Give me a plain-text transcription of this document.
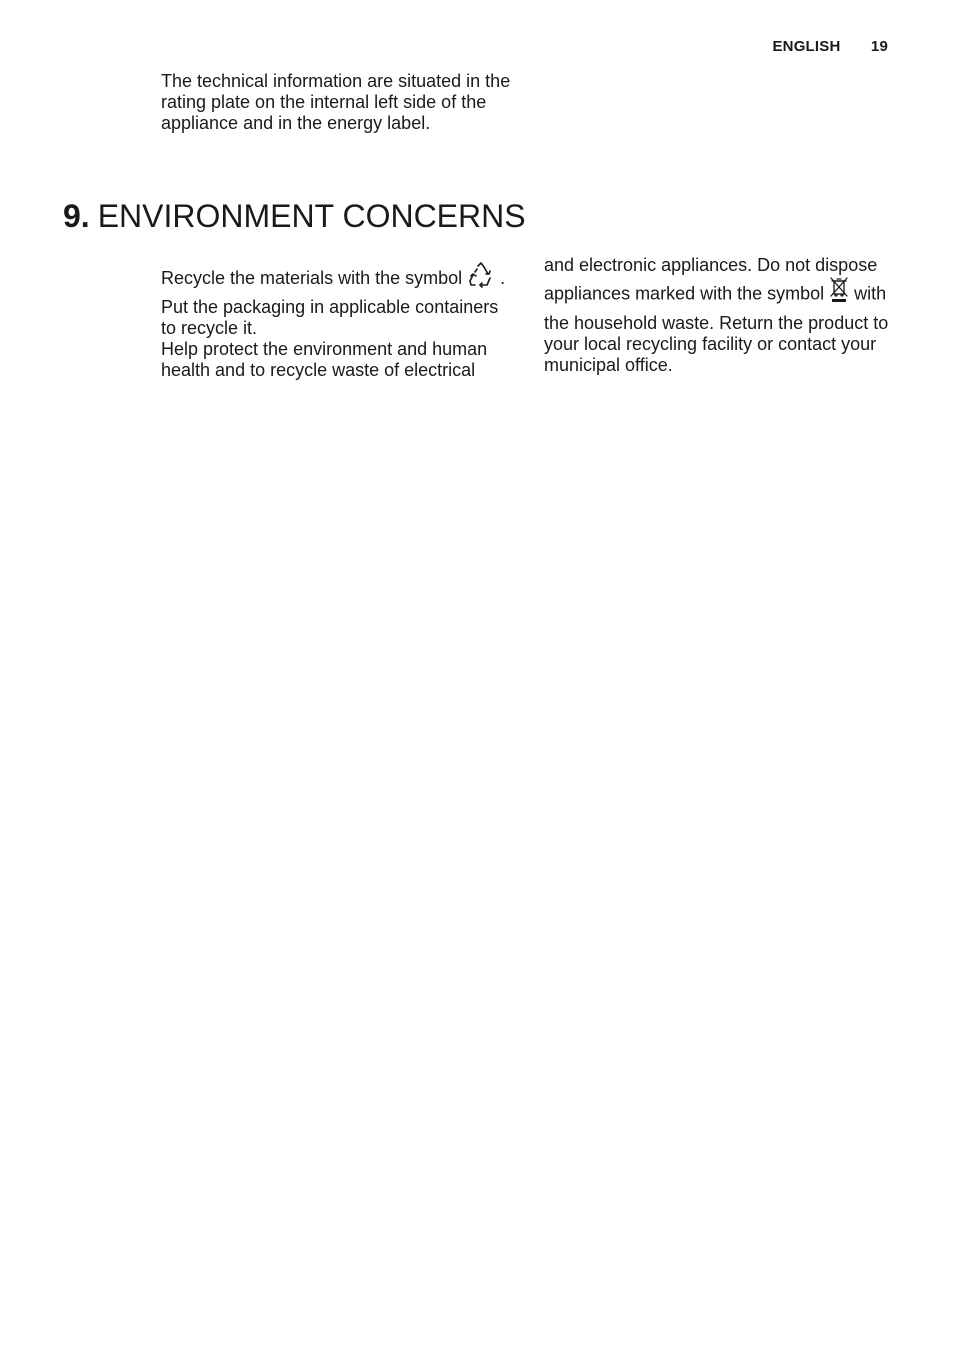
ENGLISH 19
The technical information are situated in the rating plate on the internal left side of the appliance and in the energy label.
9. ENVIRONMENT CONCERNS

Recycle the materials with the symbol .

Put the packaging in applicable containers to recycle it.

Help protect the environment and human health and to recycle waste of electrical

and electronic appliances. Do not dispose

appliances marked with the symbol with

the household waste. Return the product to your local recycling facility or contact your municipal office.
